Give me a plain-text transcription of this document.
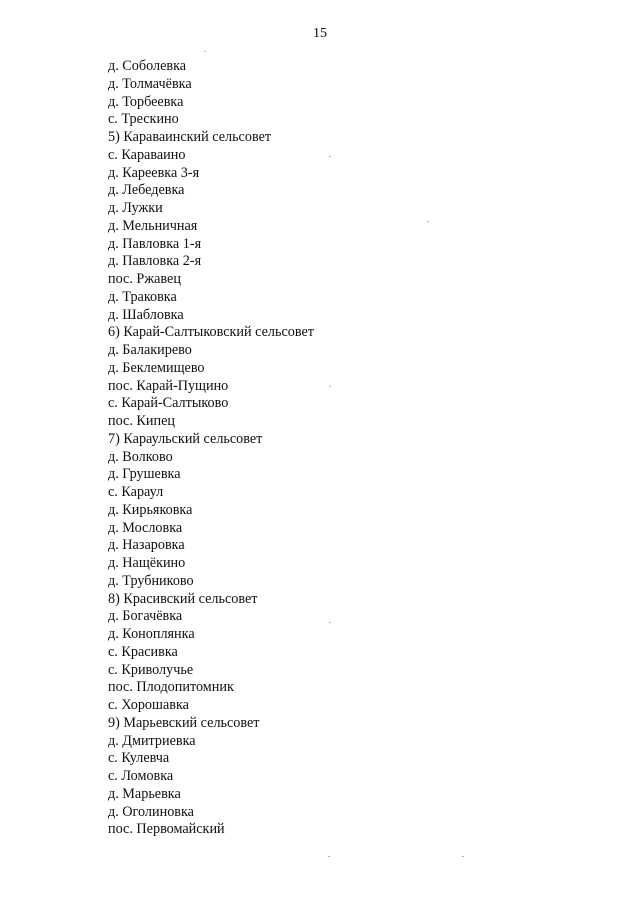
15
д. Соболевка
д. Толмачёвка
д. Торбеевка
с. Трескино
5) Караваинский сельсовет
с. Караваино
д. Кареевка 3-я
д. Лебедевка
д. Лужки
д. Мельничная
д. Павловка 1-я
д. Павловка 2-я
пос. Ржавец
д. Траковка
д. Шабловка
6) Карай-Салтыковский сельсовет
д. Балакирево
д. Беклемищево
пос. Карай-Пущино
с. Карай-Салтыково
пос. Кипец
7) Караульский сельсовет
д. Волково
д. Грушевка
с. Караул
д. Кирьяковка
д. Мословка
д. Назаровка
д. Нащёкино
д. Трубниково
8) Красивский сельсовет
д. Богачёвка
д. Коноплянка
с. Красивка
с. Криволучье
пос. Плодопитомник
с. Хорошавка
9) Марьевский сельсовет
д. Дмитриевка
с. Кулевча
с. Ломовка
д. Марьевка
д. Оголиновка
пос. Первомайский
